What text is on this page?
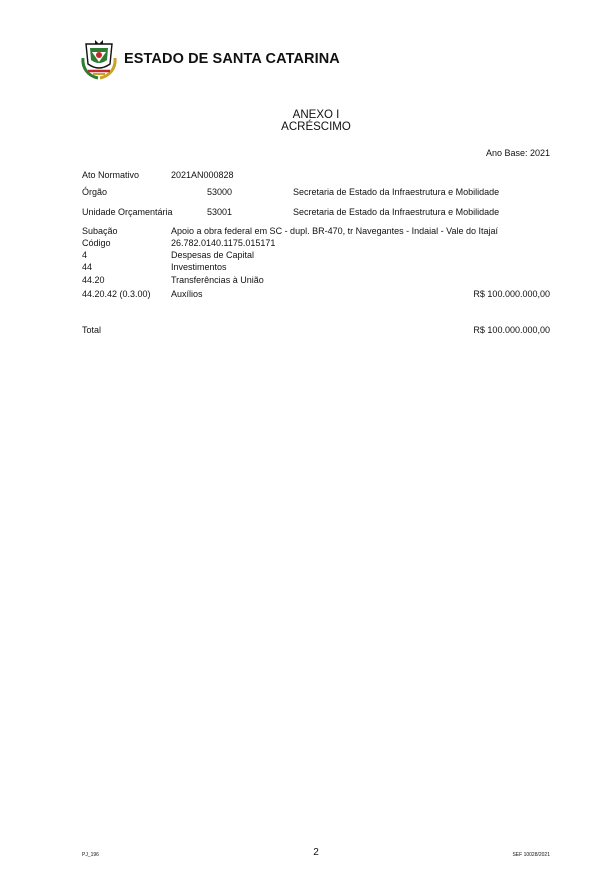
ESTADO DE SANTA CATARINA
ANEXO I
ACRÉSCIMO
Ano Base: 2021
Ato Normativo	2021AN000828
Órgão	53000	Secretaria de Estado da Infraestrutura e Mobilidade
Unidade Orçamentária	53001	Secretaria de Estado da Infraestrutura e Mobilidade
Subação	Apoio a obra federal em SC - dupl. BR-470, tr Navegantes - Indaial - Vale do Itajaí
Código	26.782.0140.1175.015171
4	Despesas de Capital
44	Investimentos
44.20	Transferências à União
44.20.42 (0.3.00) Auxílios	R$ 100.000.000,00
Total	R$ 100.000.000,00
PJ_196	2	SEF 10028/2021
